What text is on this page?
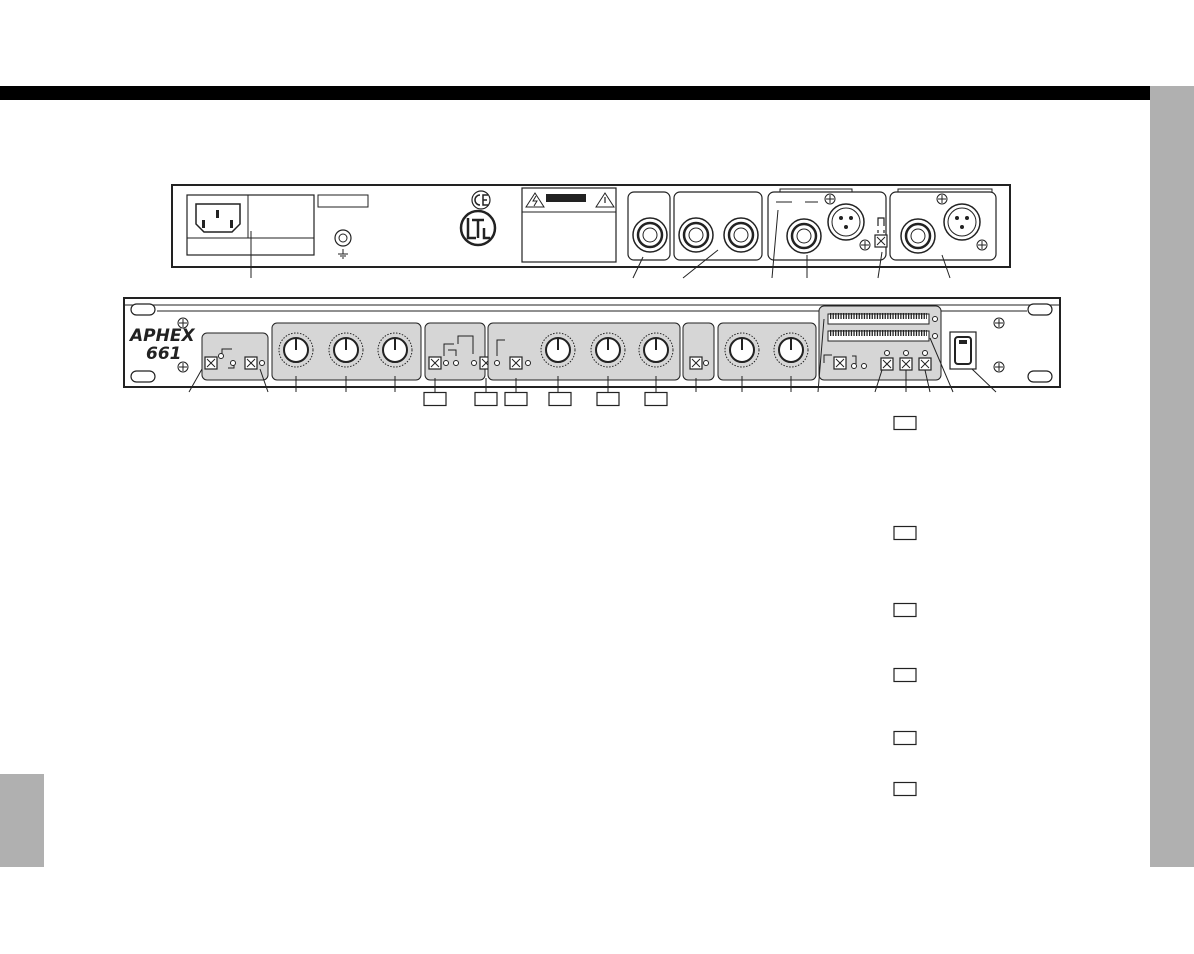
APHEX
661
